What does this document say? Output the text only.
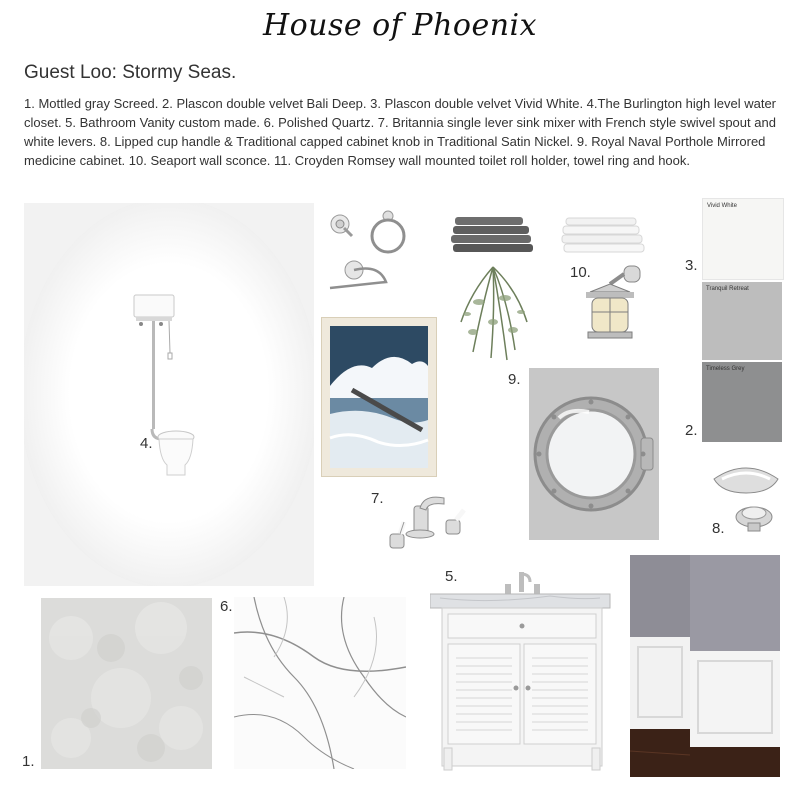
House of Phoenix
Guest Loo: Stormy Seas.
1. Mottled gray Screed. 2. Plascon double velvet Bali Deep. 3. Plascon double velvet Vivid White. 4.The Burlington high level water closet. 5. Bathroom Vanity custom made. 6. Polished Quartz. 7. Britannia single lever sink mixer with French style swivel spout and white levers. 8. Lipped cup handle & Traditional capped cabinet knob in Traditional Satin Nickel. 9. Royal Naval Porthole Mirrored medicine cabinet. 10. Seaport wall sconce. 11. Croyden Romsey wall mounted toilet roll holder, towel ring and hook.
4.
7.
10.	3.
Vivid White
Tranquil Retreat
Timeless Grey
2.
9.
8.
5.
6.
1.
